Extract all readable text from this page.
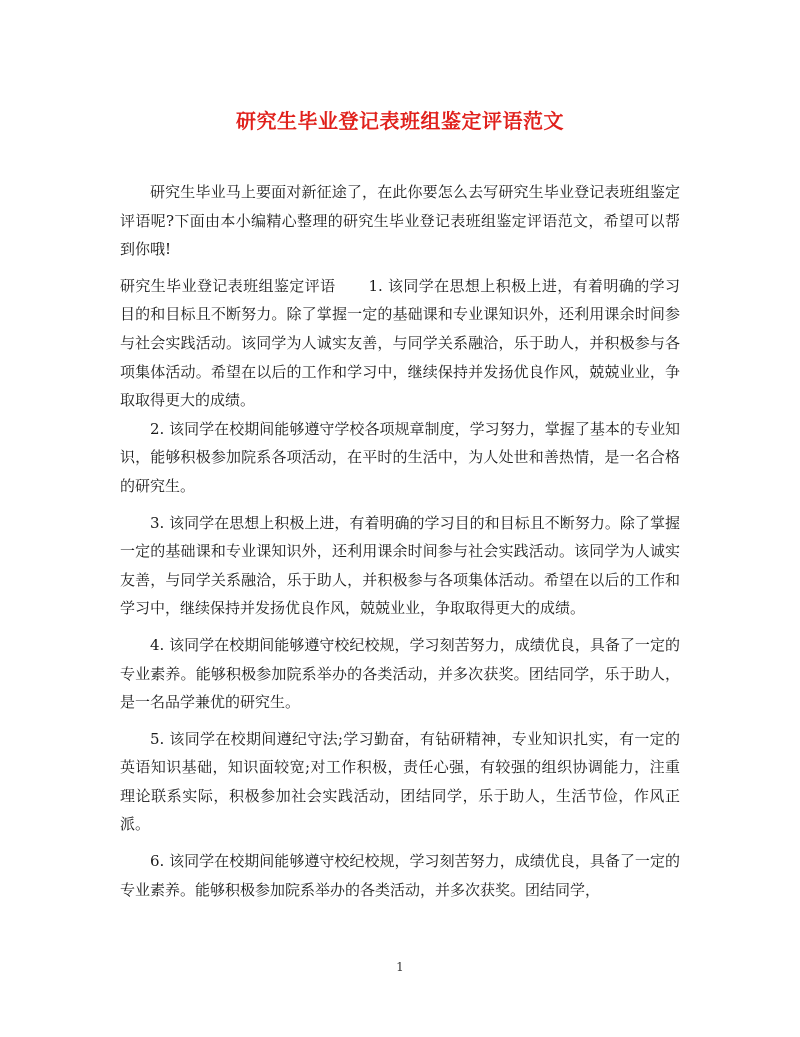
研究生毕业登记表班组鉴定评语范文

研究生毕业马上要面对新征途了，在此你要怎么去写研究生毕业登记表班组鉴定评语呢?下面由本小编精心整理的研究生毕业登记表班组鉴定评语范文，希望可以帮到你哦!

研究生毕业登记表班组鉴定评语 1. 该同学在思想上积极上进，有着明确的学习目的和目标且不断努力。除了掌握一定的基础课和专业课知识外，还利用课余时间参与社会实践活动。该同学为人诚实友善，与同学关系融洽，乐于助人，并积极参与各项集体活动。希望在以后的工作和学习中，继续保持并发扬优良作风，兢兢业业，争取取得更大的成绩。

2. 该同学在校期间能够遵守学校各项规章制度，学习努力，掌握了基本的专业知识，能够积极参加院系各项活动，在平时的生活中，为人处世和善热情，是一名合格的研究生。

3. 该同学在思想上积极上进，有着明确的学习目的和目标且不断努力。除了掌握一定的基础课和专业课知识外，还利用课余时间参与社会实践活动。该同学为人诚实友善，与同学关系融洽，乐于助人，并积极参与各项集体活动。希望在以后的工作和学习中，继续保持并发扬优良作风，兢兢业业，争取取得更大的成绩。

4. 该同学在校期间能够遵守校纪校规，学习刻苦努力，成绩优良，具备了一定的专业素养。能够积极参加院系举办的各类活动，并多次获奖。团结同学，乐于助人，是一名品学兼优的研究生。

5. 该同学在校期间遵纪守法;学习勤奋，有钻研精神，专业知识扎实，有一定的英语知识基础，知识面较宽;对工作积极，责任心强，有较强的组织协调能力，注重理论联系实际，积极参加社会实践活动，团结同学，乐于助人，生活节俭，作风正派。

6. 该同学在校期间能够遵守校纪校规，学习刻苦努力，成绩优良，具备了一定的专业素养。能够积极参加院系举办的各类活动，并多次获奖。团结同学，

1
